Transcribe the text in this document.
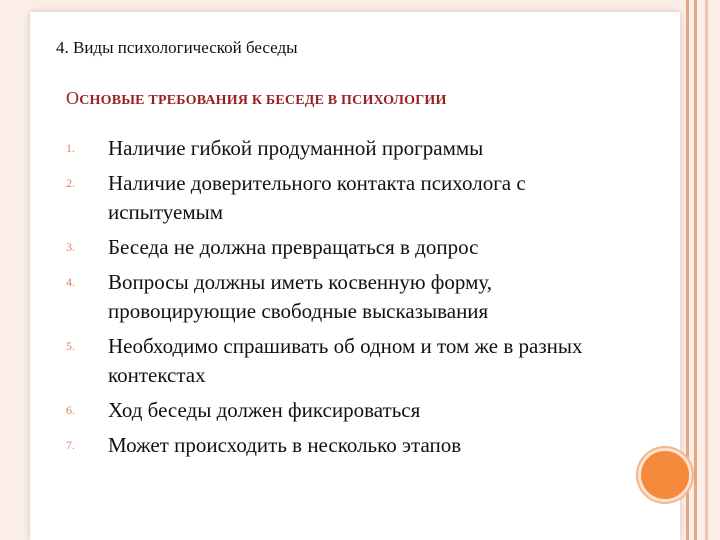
4. Виды психологической беседы
ОСНОВЫЕ ТРЕБОВАНИЯ К БЕСЕДЕ В ПСИХОЛОГИИ
1.	Наличие гибкой продуманной программы
2.	Наличие доверительного контакта психолога с испытуемым
3.	Беседа не должна превращаться в допрос
4.	Вопросы должны иметь косвенную форму, провоцирующие свободные высказывания
5.	Необходимо спрашивать об одном и том же в разных контекстах
6.	Ход беседы должен фиксироваться
7.	Может происходить в несколько этапов
